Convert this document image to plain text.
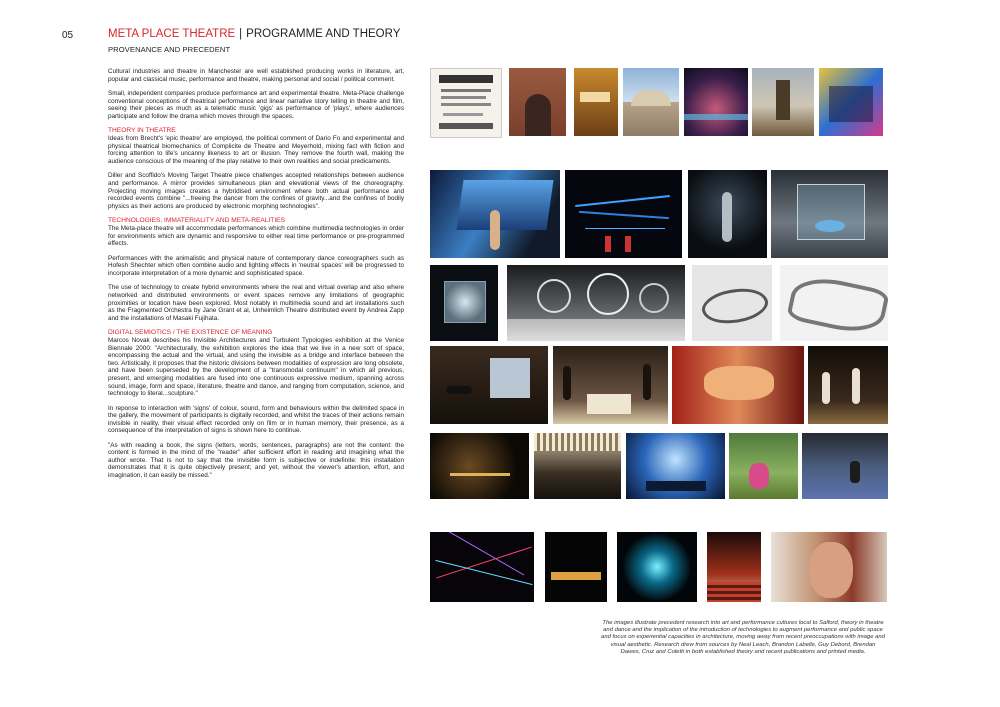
05	META PLACE THEATRE | PROGRAMME AND THEORY
PROVENANCE AND PRECEDENT

Cultural industries and theatre in Manchester are well established producing works in literature, art, popular and classical music, performance and theatre, making personal and social / political comment.

Small, independent companies produce performance art and experimental theatre. Meta-Place challenge conventional conceptions of theatrical performance and linear narrative story telling in theatre and film, seeing their pieces as much as a telematic music 'gigs' as performance of 'plays', where audiences participate and follow the drama which moves through the spaces.

THEORY IN THEATRE

Ideas from Brecht's 'epic theatre' are employed, the political comment of Dario Fo and experimental and physical theatrical biomechanics of Complicite de Theatre and Meyerhold, mixing fact with fiction and forcing attention to life's uncanny likeness to art or illusion. They remove the fourth wall, making the audience conscious of the meaning of the play relative to their own realities and social predicaments.

Diller and Scoffido's Moving Target Theatre piece challenges accepted relationships between audience and performance. A mirror provides simultaneous plan and elevational views of the choreography. Projecting moving images creates a hybridised environment where both actual performance and recorded events combine "...freeing the dancer from the confines of gravity...and the confines of bodily physics as their actions are produced by electronic morphing technologies".

TECHNOLOGIES, IMMATERIALITY AND META-REALITIES

The Meta-place theatre will accommodate performances which combine multimedia technologies in order for environments which are dynamic and responsive to either real time performance or pre-programmed effects.

Performances with the animalistic and physical nature of contemporary dance coreographers such as Hofesh Shechter which often combine audio and lighting effects in 'neutral spaces' will be progressed to incorporate interpretation of a more dynamic and sophisticated space.

The use of technology to create hybrid environments where the real and virtual overlap and also where networked and distributed environments or event spaces remove any limitations of geographic proximities or location have been explored. Most notably in multimedia sound and art installations such as the Fragmented Orchestra by Jane Grant et al, Unheimlich Theatre distributed event by Andrea Zapp and the installations of Masaki Fujihata.

DIGITAL SEMIOTICS / THE EXISTENCE OF MEANING

Marcos Novak describes his Invisible Architectures and Turbulent Typologies exhibition at the Venice Biennale 2000: "Architecturally, the exhibition explores the idea that we live in a new sort of space, encompassing the actual and the virtual, and using the invisible as a bridge and interface between the two. Artistically, it proposes that the historic divisions between modalities of expression are long obsolete, and have been superseded by the development of a "transmodal continuum" in which all previous, present, and emerging modalities are fused into one continuous expressive medium, spanning across sound, image, form and space, literature, theatre and dance, and ranging from computation, science, and technology to literal...sculpture."

In reponse to interaction with 'signs' of colour, sound, form and behaviours within the delimited space in the gallery, the movement of participants is digitally recorded, and whilst the traces of their actions remain invisible in reality, their visual effect recorded only on film or in human memory, their presence, as a consequence of the interpretation of signs is shown here to continue.

"As with reading a book, the signs (letters, words, sentences, paragraphs) are not the content: the content is formed in the mind of the "reader" after sufficient effort in reading and imagining what the author wrote. That is not to say that the invisible form is subjective or indefinite: this installation demonstrates that it is quite objectively present; and yet, without the viewer's attention, effort, and imagination, it can easily be missed."

The images illustrate precedent research into art and performance cultures local to Salford, theory in theatre and dance and the implication of the introduction of technologies to augment performance and public space and focus on experiential capacities in architecture, moving away from recent preoccupations with image and visual aesthetic. Research drew from sources by Neal Leach, Brandon Labelle, Guy Debord, Brendan Dawes, Cruz and Coletti in both established theory and recent publications and printed media.
